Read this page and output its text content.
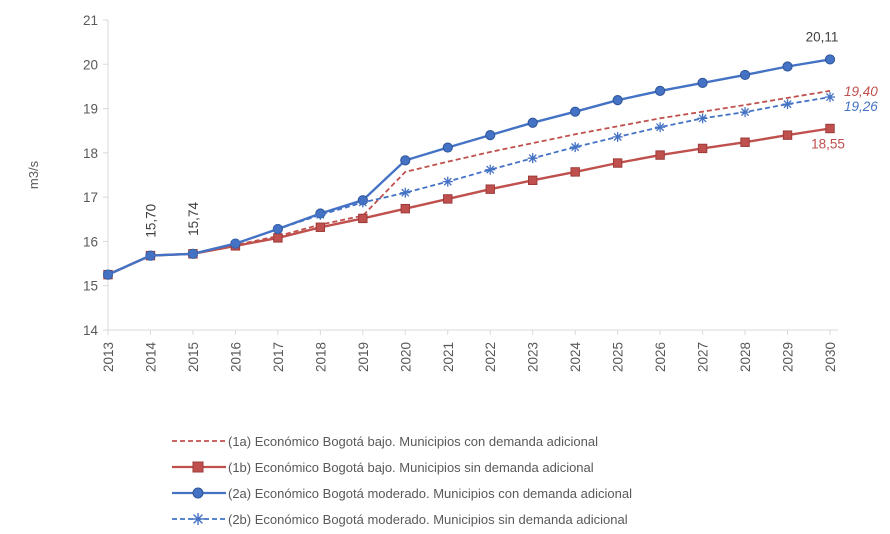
14
15
16
17
18
19
20
21
m3/s
2013 2014 2015 2016 2017 2018 2019 2020 2021 2022 2023 2024 2025 2026 2027 2028 2029 2030
15,70 15,74
20,11
19,40
19,26
18,55
(1a) Económico Bogotá bajo. Municipios con demanda adicional
(1b) Económico Bogotá bajo. Municipios sin demanda adicional
(2a) Económico Bogotá moderado. Municipios con demanda adicional
(2b) Económico Bogotá moderado. Municipios sin demanda adicional
